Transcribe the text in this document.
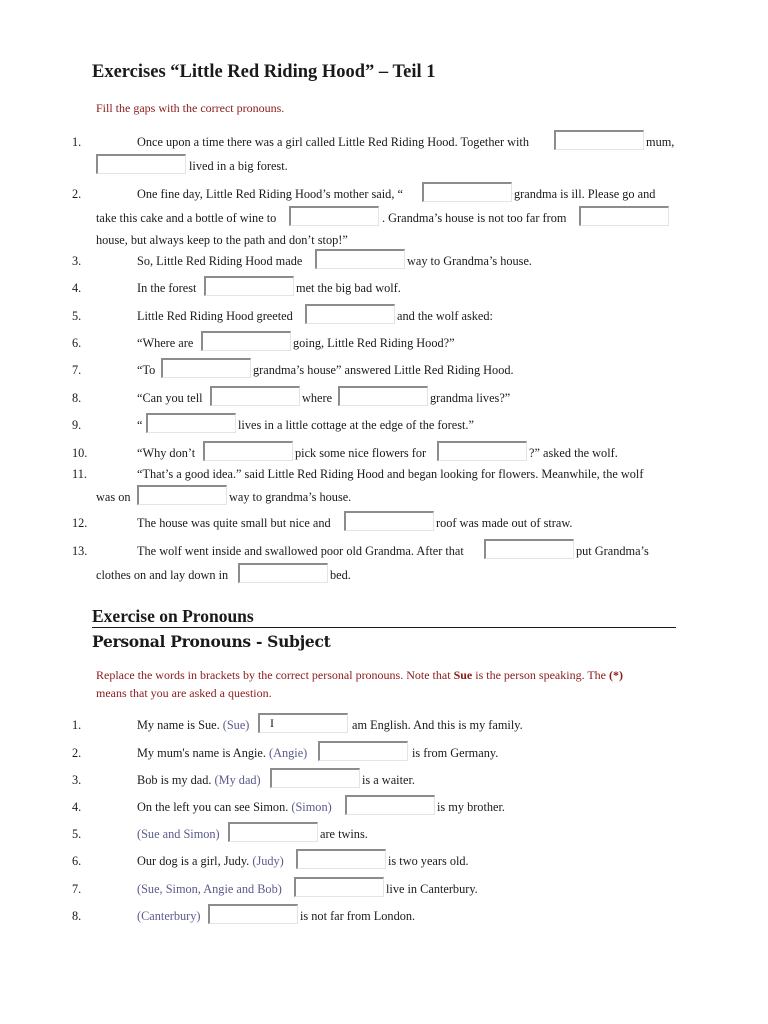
Exercises “Little Red Riding Hood” – Teil 1
Fill the gaps with the correct pronouns.
1.	Once upon a time there was a girl called Little Red Riding Hood. Together with	mum,
lived in a big forest.
2.	One fine day, Little Red Riding Hood’s mother said, “	grandma is ill. Please go and
take this cake and a bottle of wine to	. Grandma’s house is not too far from
house, but always keep to the path and don’t stop!”
3.	So, Little Red Riding Hood made	way to Grandma’s house.
4.	In the forest	met the big bad wolf.
5.	Little Red Riding Hood greeted	and the wolf asked:
6.	“Where are	going, Little Red Riding Hood?”
7.	“To	grandma’s house” answered Little Red Riding Hood.
8.	“Can you tell	where	grandma lives?”
9.	“	lives in a little cottage at the edge of the forest.”
10.	“Why don’t	pick some nice flowers for	?” asked the wolf.
11.	“That’s a good idea.” said Little Red Riding Hood and began looking for flowers. Meanwhile, the wolf
was on	way to grandma’s house.
12.	The house was quite small but nice and	roof was made out of straw.
13.	The wolf went inside and swallowed poor old Grandma. After that	put Grandma’s
clothes on and lay down in	bed.
Exercise on Pronouns
Personal Pronouns - Subject
Replace the words in brackets by the correct personal pronouns. Note that Sue is the person speaking. The (*)
means that you are asked a question.
1.	My name is Sue. (Sue) I	am English. And this is my family.
2.	My mum's name is Angie. (Angie)	is from Germany.
3.	Bob is my dad. (My dad)	is a waiter.
4.	On the left you can see Simon. (Simon)	is my brother.
5.	(Sue and Simon)	are twins.
6.	Our dog is a girl, Judy. (Judy)	is two years old.
7.	(Sue, Simon, Angie and Bob)	live in Canterbury.
8.	(Canterbury)	is not far from London.
